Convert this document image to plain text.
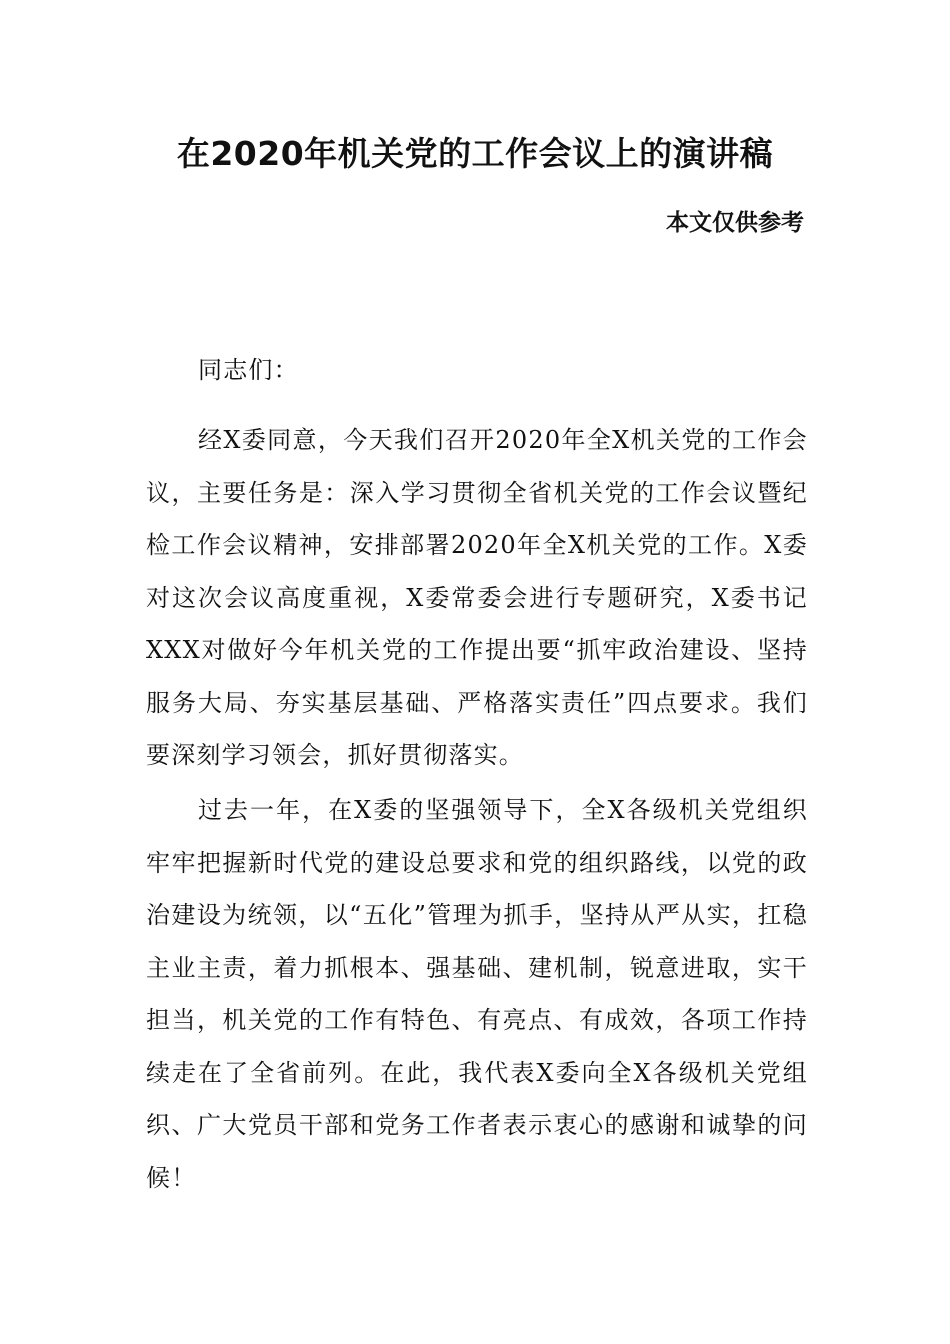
在2020年机关党的工作会议上的演讲稿
本文仅供参考
同志们：
经X委同意，今天我们召开2020年全X机关党的工作会议，主要任务是：深入学习贯彻全省机关党的工作会议暨纪检工作会议精神，安排部署2020年全X机关党的工作。X委对这次会议高度重视，X委常委会进行专题研究，X委书记XXX对做好今年机关党的工作提出要“抓牢政治建设、坚持服务大局、夯实基层基础、严格落实责任”四点要求。我们要深刻学习领会，抓好贯彻落实。
过去一年，在X委的坚强领导下，全X各级机关党组织牢牢把握新时代党的建设总要求和党的组织路线，以党的政治建设为统领，以“五化”管理为抓手，坚持从严从实，扛稳主业主责，着力抓根本、强基础、建机制，锐意进取，实干担当，机关党的工作有特色、有亮点、有成效，各项工作持续走在了全省前列。在此，我代表X委向全X各级机关党组织、广大党员干部和党务工作者表示衷心的感谢和诚挚的问候！
